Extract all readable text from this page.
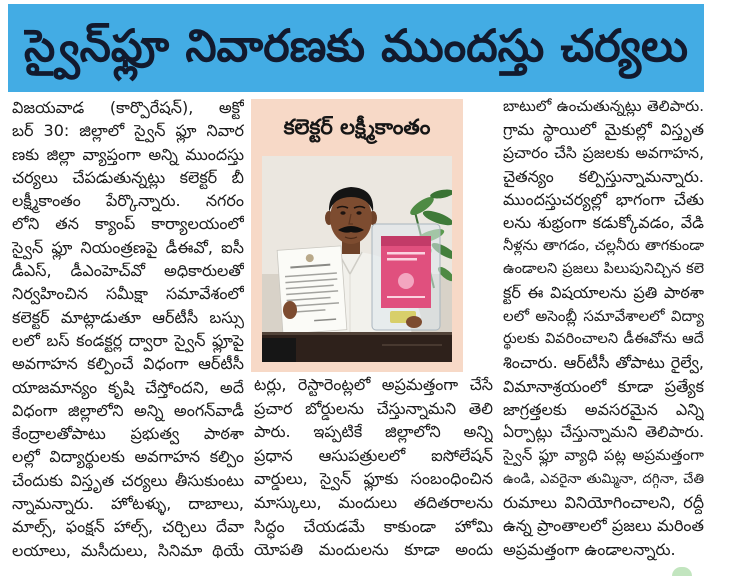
స్వైన్‌ఫ్లూ నివారణకు ముందస్తు చర్యలు
విజయవాడ (కార్పొరేషన్), అక్టో
బర్ 30: జిల్లాలో స్వైన్ ఫ్లూ నివార
ణకు జిల్లా వ్యాప్తంగా అన్ని ముందస్తు
చర్యలు చేపడుతున్నట్లు కలెక్టర్ బీ
లక్ష్మీకాంతం పేర్కొన్నారు. నగరం
లోని తన క్యాంప్ కార్యాలయంలో
స్వైన్ ఫ్లూ నియంత్రణపై డీఈవో, ఐసీ
డీఎస్, డీఎంహెచ్‌వో అధికారులతో
నిర్వహించిన సమీక్షా సమావేశంలో
కలెక్టర్ మాట్లాడుతూ ఆర్‌టీసీ బస్సు
లలో బస్ కండక్టర్ల ద్వారా స్వైన్ ఫ్లూపై
అవగాహన కల్పించే విధంగా ఆర్‌టీసీ
యాజమాన్యం కృషి చేస్తోందని, అదే
విధంగా జిల్లాలోని అన్ని అంగన్‌వాడీ
కేంద్రాలతోపాటు ప్రభుత్వ పాఠశా
లల్లో విద్యార్థులకు అవగాహన కల్పిం
చేందుకు విస్తృత చర్యలు తీసుకుంటు
న్నామన్నారు. హోటళ్ళు, దాబాలు,
మాల్స్, ఫంక్షన్ హాల్స్, చర్చిలు దేవా
లయాలు, మసీదులు, సినిమా థియే
కలెక్టర్ లక్ష్మీకాంతం
టర్లు, రెస్టారెంట్లలో అప్రమత్తంగా చేసే
ప్రచార బోర్డులను చేస్తున్నామని తెలి
పారు. ఇప్పటికే జిల్లాలోని అన్ని
ప్రధాన ఆసుపత్రులలో ఐసోలేషన్
వార్డులు, స్వైన్ ఫ్లూకు సంబంధించిన
మాస్కులు, మందులు తదితరాలను
సిద్ధం చేయడమే కాకుండా హోమి
యోపతి మందులను కూడా అందు
బాటులో ఉంచుతున్నట్లు తెలిపారు.
గ్రామ స్థాయిలో మైకుల్లో విస్తృత
ప్రచారం చేసి ప్రజలకు అవగాహన,
చైతన్యం కల్పిస్తున్నామన్నారు.
ముందస్తుచర్యల్లో భాగంగా చేతు
లను శుభ్రంగా కడుక్కోవడం, వేడి
నీళ్లను తాగడం, చల్లనీరు తాగకుండా
ఉండాలని ప్రజలు పిలుపునిచ్చిన కలె
క్టర్ ఈ విషయాలను ప్రతి పాఠశా
లలో అసెంబ్లీ సమావేశాలలో విద్యా
ర్థులకు వివరించాలని డీఈవోను ఆదే
శించారు. ఆర్‌టీసీ తోపాటు రైల్వే,
విమానాశ్రయంలో కూడా ప్రత్యేక
జాగ్రత్తలకు అవసరమైన ఎన్ని
ఏర్పాట్లు చేస్తున్నామని తెలిపారు.
స్వైన్ ఫ్లూ వ్యాధి పట్ల అప్రమత్తంగా
ఉండి, ఎవరైనా తుమ్మినా, దగ్గినా, చేతి
రుమాలు వినియోగించాలని, రద్దీ
ఉన్న ప్రాంతాలలో ప్రజలు మరింత
అప్రమత్తంగా ఉండాలన్నారు.
